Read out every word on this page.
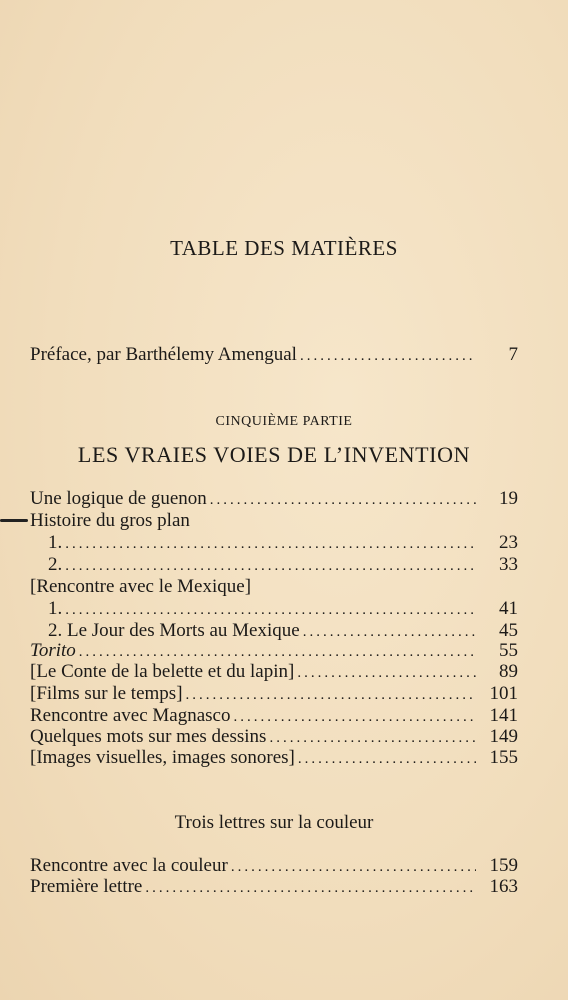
TABLE DES MATIÈRES
Préface, par Barthélemy Amengual .....	7
CINQUIÈME PARTIE
LES VRAIES VOIES DE L’INVENTION
Une logique de guenon .....	19
Histoire du gros plan
1. .....	23
2. .....	33
[Rencontre avec le Mexique]
1. .....	41
2. Le Jour des Morts au Mexique .....	45
Torito .....	55
[Le Conte de la belette et du lapin] .....	89
[Films sur le temps] .....	101
Rencontre avec Magnasco .....	141
Quelques mots sur mes dessins .....	149
[Images visuelles, images sonores] .....	155
Trois lettres sur la couleur
Rencontre avec la couleur .....	159
Première lettre .....	163
